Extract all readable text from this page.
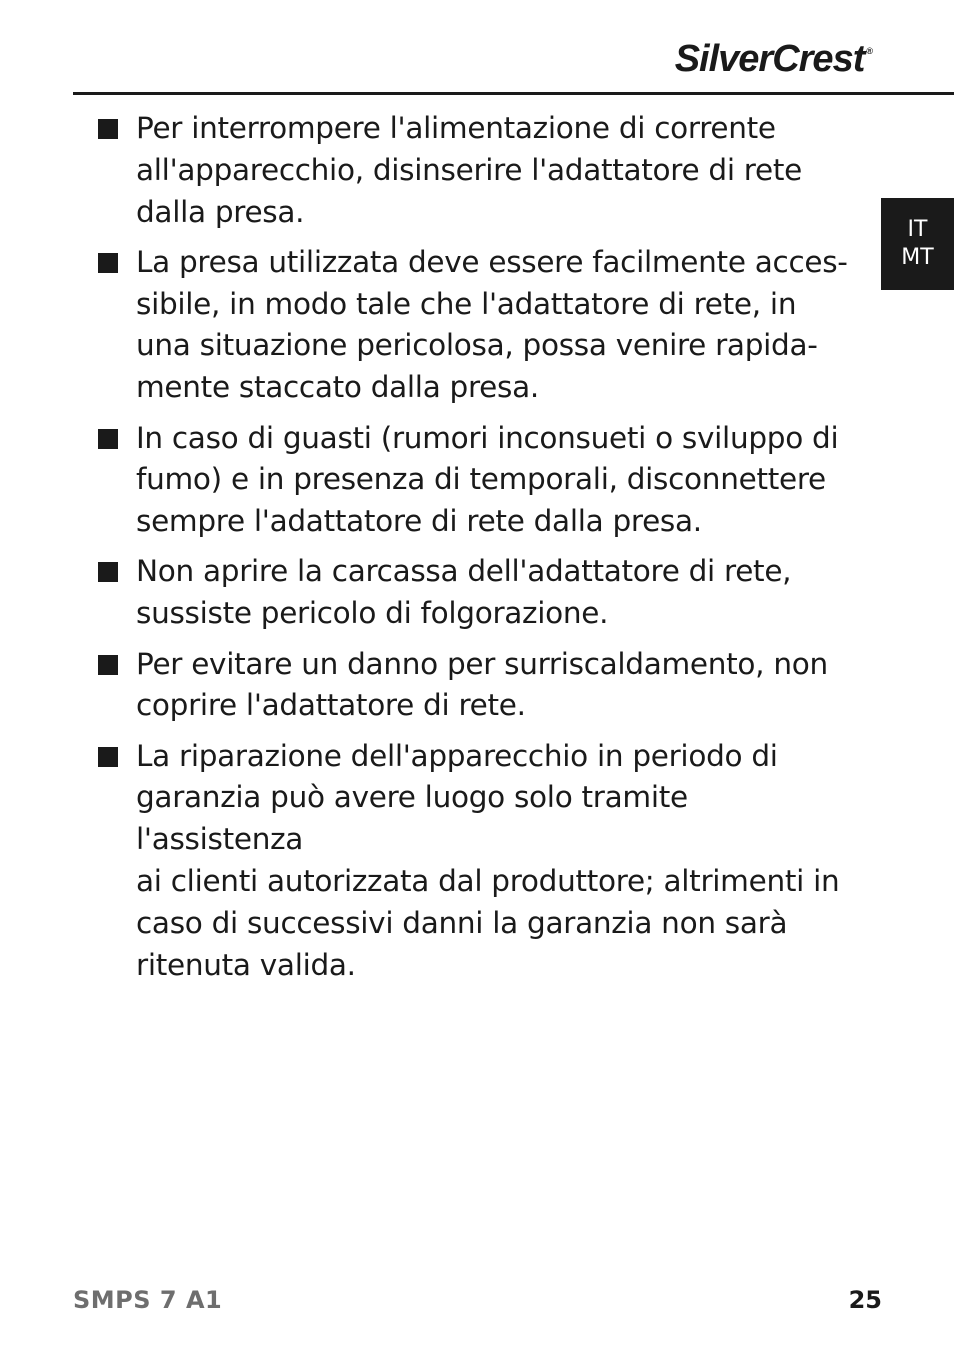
SilverCrest ®
IT
MT
Per interrompere l'alimentazione di corrente
all'apparecchio, disinserire l'adattatore di rete
dalla presa.
La presa utilizzata deve essere facilmente acces-
sibile, in modo tale che l'adattatore di rete, in
una situazione pericolosa, possa venire rapida-
mente staccato dalla presa.
In caso di guasti (rumori inconsueti o sviluppo di
fumo) e in presenza di temporali, disconnettere
sempre l'adattatore di rete dalla presa.
Non aprire la carcassa dell'adattatore di rete,
sussiste pericolo di folgorazione.
Per evitare un danno per surriscaldamento, non
coprire l'adattatore di rete.
La riparazione dell'apparecchio in periodo di
garanzia può avere luogo solo tramite l'assistenza
ai clienti autorizzata dal produttore; altrimenti in
caso di successivi danni la garanzia non sarà
ritenuta valida.
SMPS 7 A1	25
